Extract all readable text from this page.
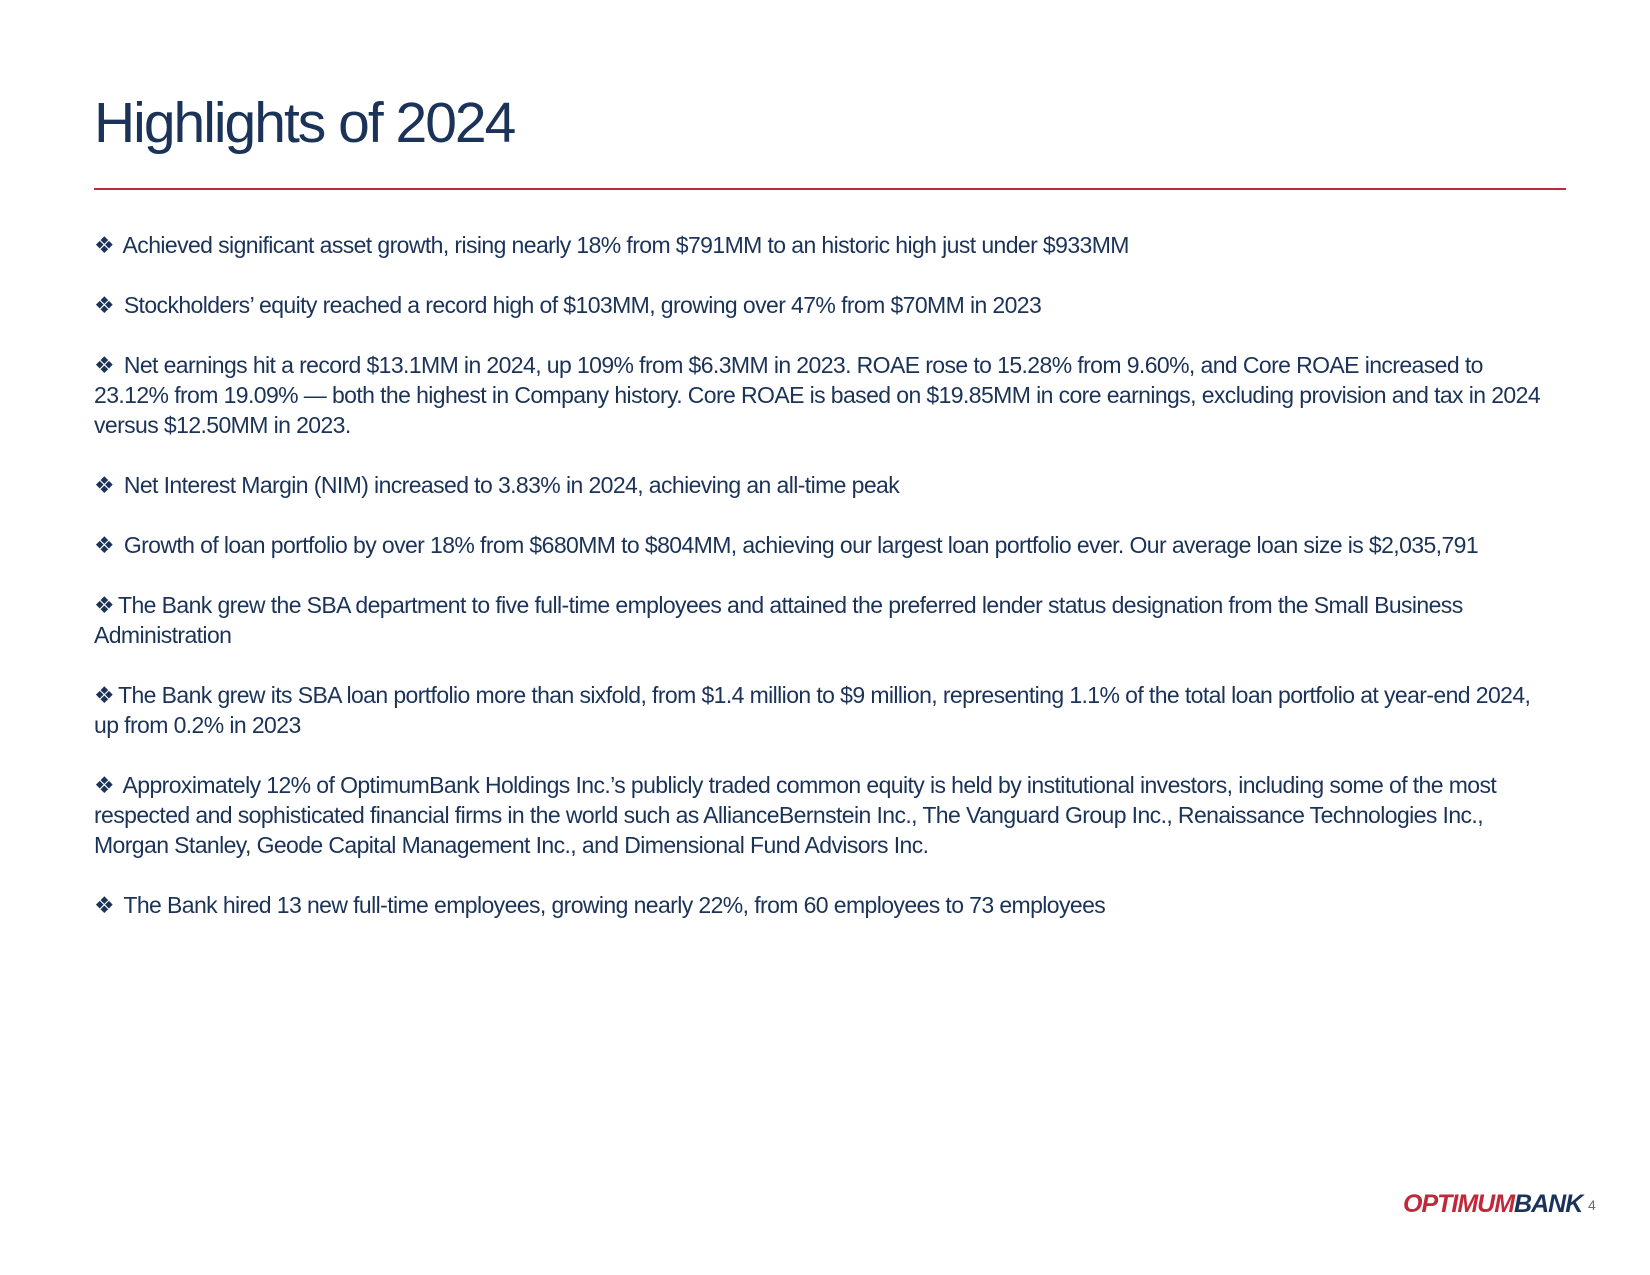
Highlights of 2024
❖ Achieved significant asset growth, rising nearly 18% from $791MM to an historic high just under $933MM
❖ Stockholders’ equity reached a record high of $103MM, growing over 47% from $70MM in 2023
❖ Net earnings hit a record $13.1MM in 2024, up 109% from $6.3MM in 2023. ROAE rose to 15.28% from 9.60%, and Core ROAE increased to 23.12% from 19.09% — both the highest in Company history. Core ROAE is based on $19.85MM in core earnings, excluding provision and tax in 2024 versus $12.50MM in 2023.
❖ Net Interest Margin (NIM) increased to 3.83% in 2024, achieving an all-time peak
❖ Growth of loan portfolio by over 18% from $680MM to $804MM, achieving our largest loan portfolio ever. Our average loan size is $2,035,791
❖ The Bank grew the SBA department to five full-time employees and attained the preferred lender status designation from the Small Business Administration
❖ The Bank grew its SBA loan portfolio more than sixfold, from $1.4 million to $9 million, representing 1.1% of the total loan portfolio at year-end 2024, up from 0.2% in 2023
❖ Approximately 12% of OptimumBank Holdings Inc.’s publicly traded common equity is held by institutional investors, including some of the most respected and sophisticated financial firms in the world such as AllianceBernstein Inc., The Vanguard Group Inc., Renaissance Technologies Inc., Morgan Stanley, Geode Capital Management Inc., and Dimensional Fund Advisors Inc.
❖ The Bank hired 13 new full-time employees, growing nearly 22%, from 60 employees to 73 employees
OPTIMUMBANK 4
